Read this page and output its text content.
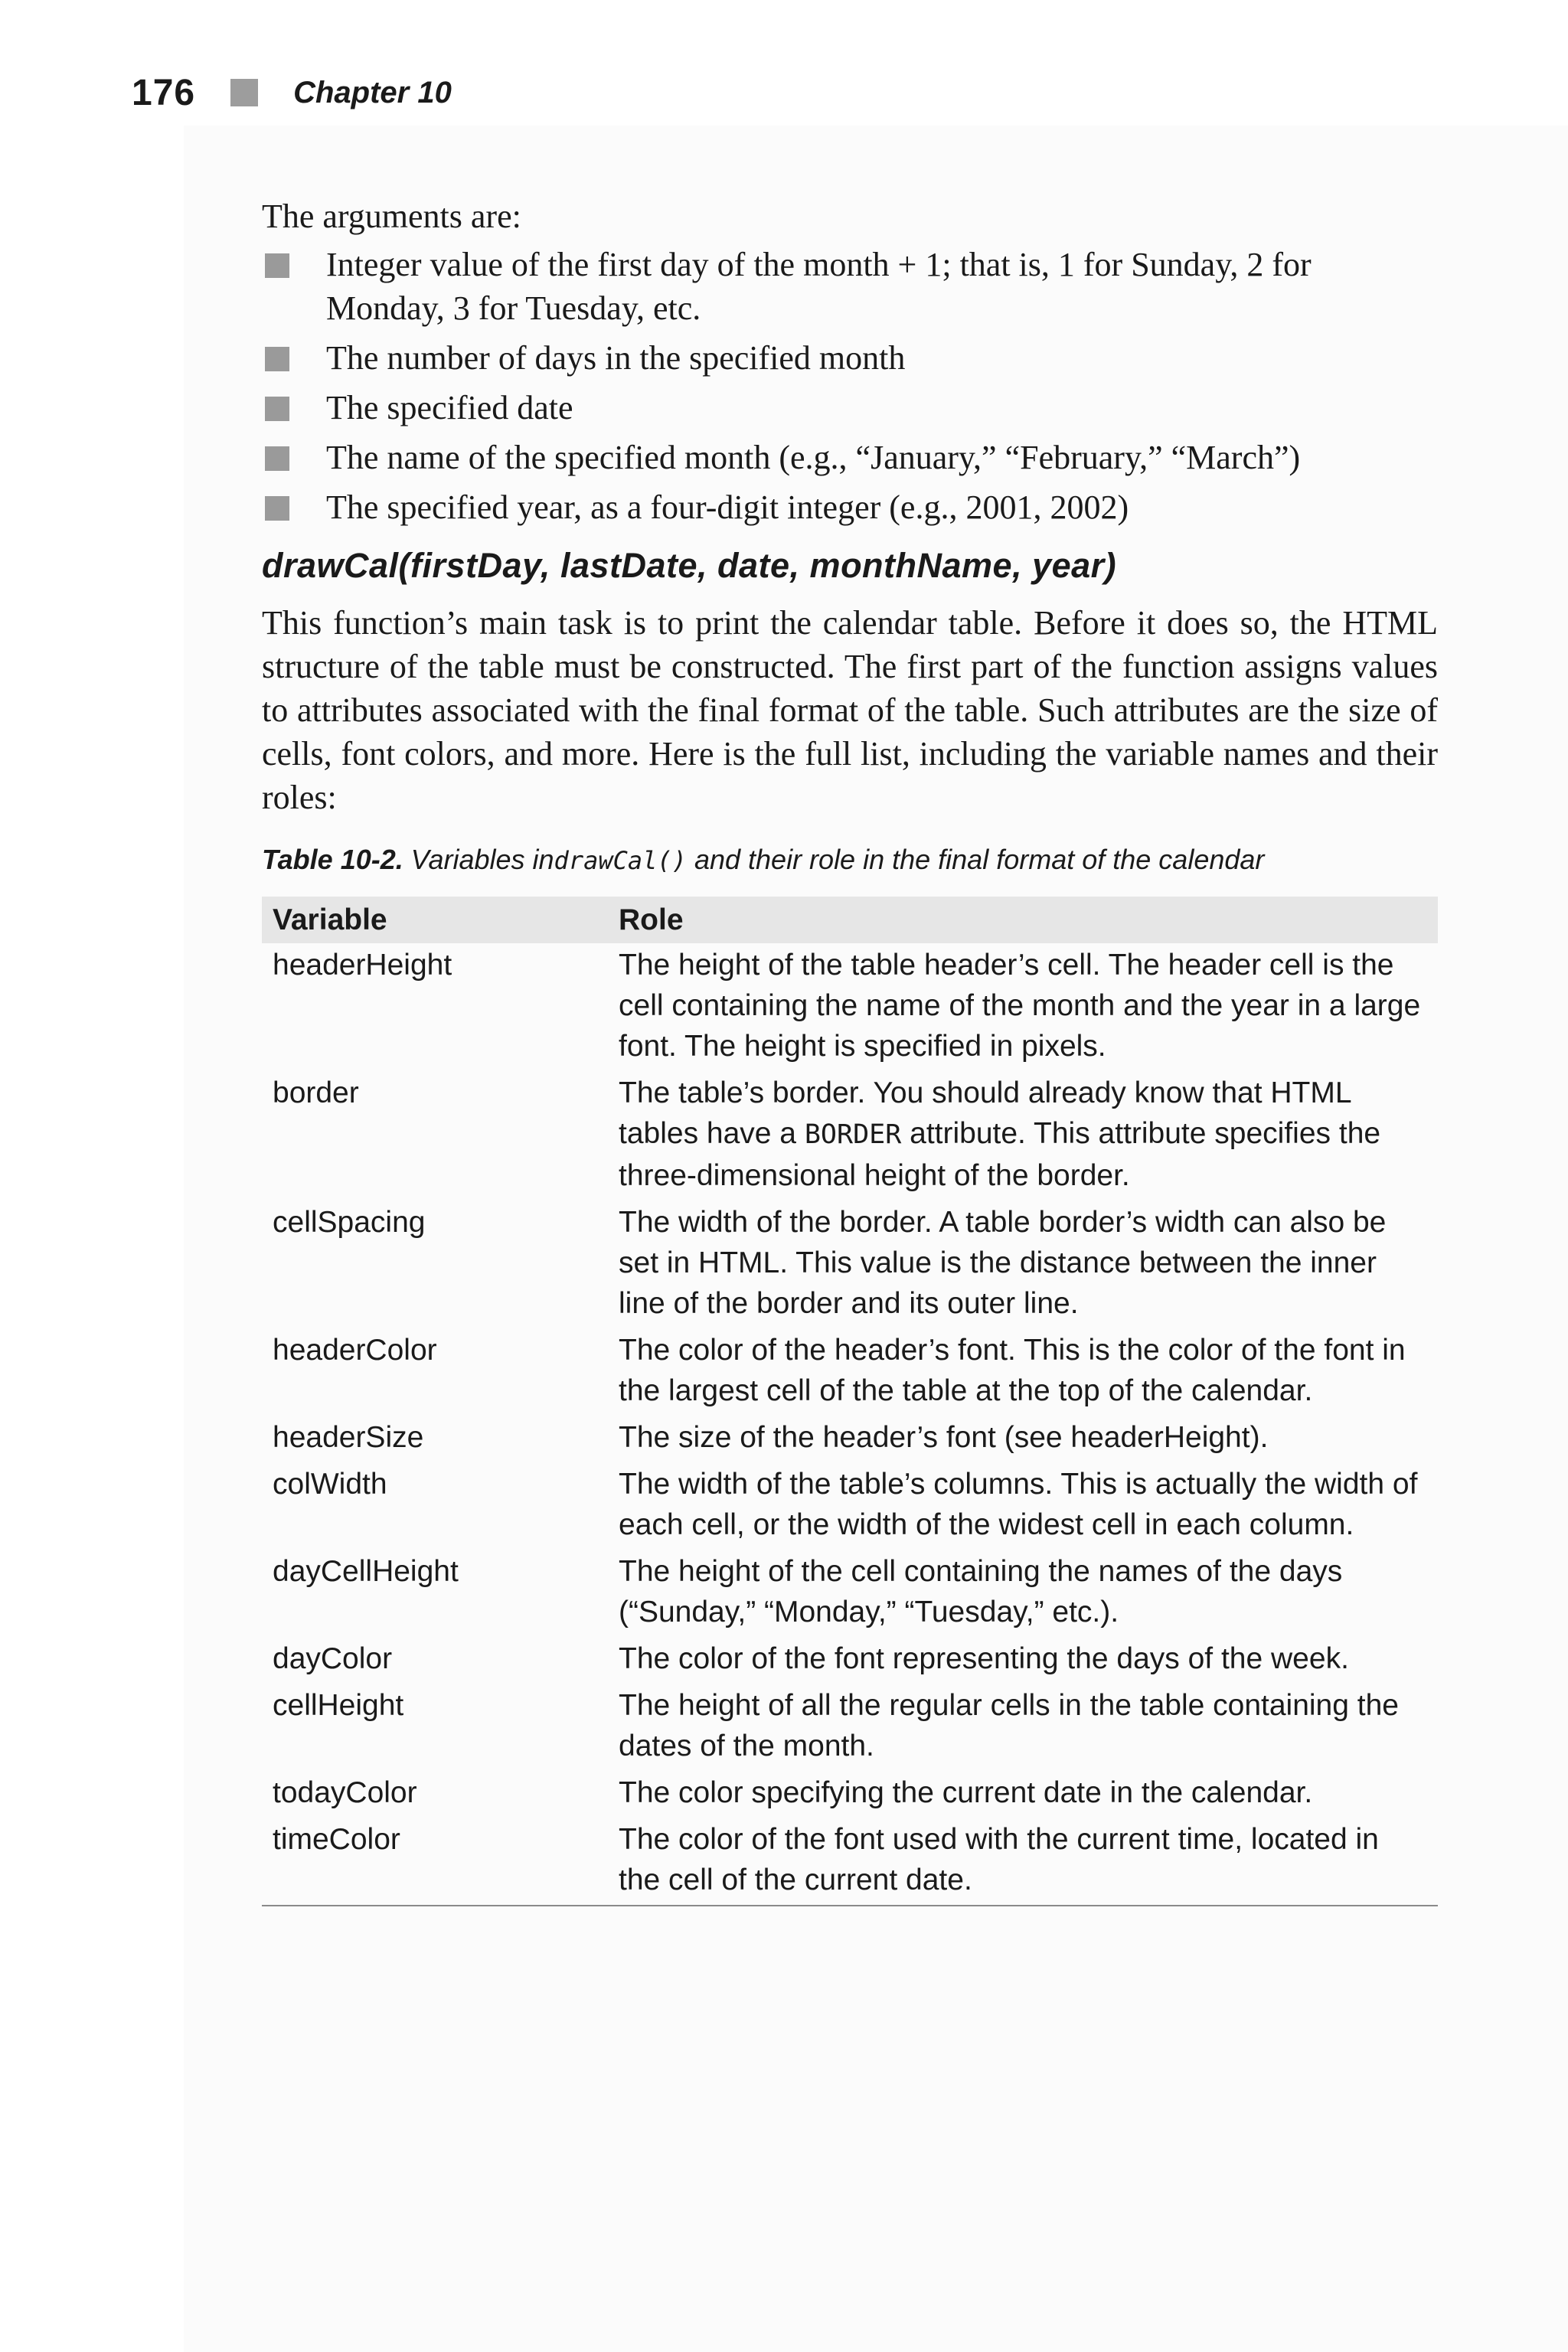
176	Chapter 10

The arguments are:

Integer value of the first day of the month + 1; that is, 1 for Sunday, 2 for Monday, 3 for Tuesday, etc.
The number of days in the specified month
The specified date
The name of the specified month (e.g., “January,” “February,” “March”)
The specified year, as a four-digit integer (e.g., 2001, 2002)
drawCal(firstDay, lastDate, date, monthName, year)

This function’s main task is to print the calendar table. Before it does so, the HTML structure of the table must be constructed. The first part of the function assigns values to attributes associated with the final format of the table. Such attributes are the size of cells, font colors, and more. Here is the full list, including the variable names and their roles:

Table 10-2. Variables indrawCal() and their role in the final format of the calendar
Variable	Role
headerHeight	The height of the table header’s cell. The header cell is the cell containing the name of the month and the year in a large font. The height is specified in pixels.
border	The table’s border. You should already know that HTML tables have a BORDER attribute. This attribute specifies the three-dimensional height of the border.
cellSpacing	The width of the border. A table border’s width can also be set in HTML. This value is the distance between the inner line of the border and its outer line.
headerColor	The color of the header’s font. This is the color of the font in the largest cell of the table at the top of the calendar.
headerSize	The size of the header’s font (see headerHeight).
colWidth	The width of the table’s columns. This is actually the width of each cell, or the width of the widest cell in each column.
dayCellHeight	The height of the cell containing the names of the days (“Sunday,” “Monday,” “Tuesday,” etc.).
dayColor	The color of the font representing the days of the week.
cellHeight	The height of all the regular cells in the table containing the dates of the month.
todayColor	The color specifying the current date in the calendar.
timeColor	The color of the font used with the current time, located in the cell of the current date.
